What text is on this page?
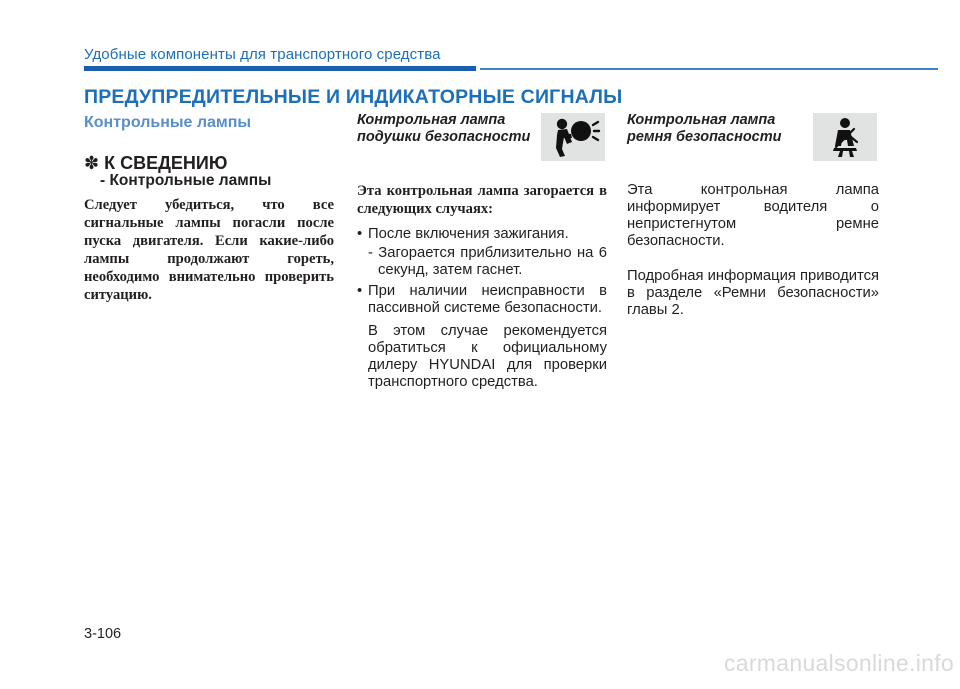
Удобные компоненты для транспортного средства
ПРЕДУПРЕДИТЕЛЬНЫЕ И ИНДИКАТОРНЫЕ СИГНАЛЫ
Контрольные лампы
✽ К СВЕДЕНИЮ
- Контрольные лампы
Следует убедиться, что все сигнальные лампы погасли после пуска двигателя. Если какие-либо лампы продолжают гореть, необходимо внимательно проверить ситуацию.
Контрольная лампа подушки безопасности
Эта контрольная лампа загорается в следующих случаях:
• После включения зажигания.
- Загорается приблизительно на 6 секунд, затем гаснет.
• При наличии неисправности в пассивной системе безопасности.
В этом случае рекомендуется обратиться к официальному дилеру HYUNDAI для проверки транспортного средства.
Контрольная лампа ремня безопасности
Эта контрольная лампа информирует водителя о непристегнутом ремне безопасности.
Подробная информация приводится в разделе «Ремни безопасности» главы 2.
3-106
carmanualsonline.info
